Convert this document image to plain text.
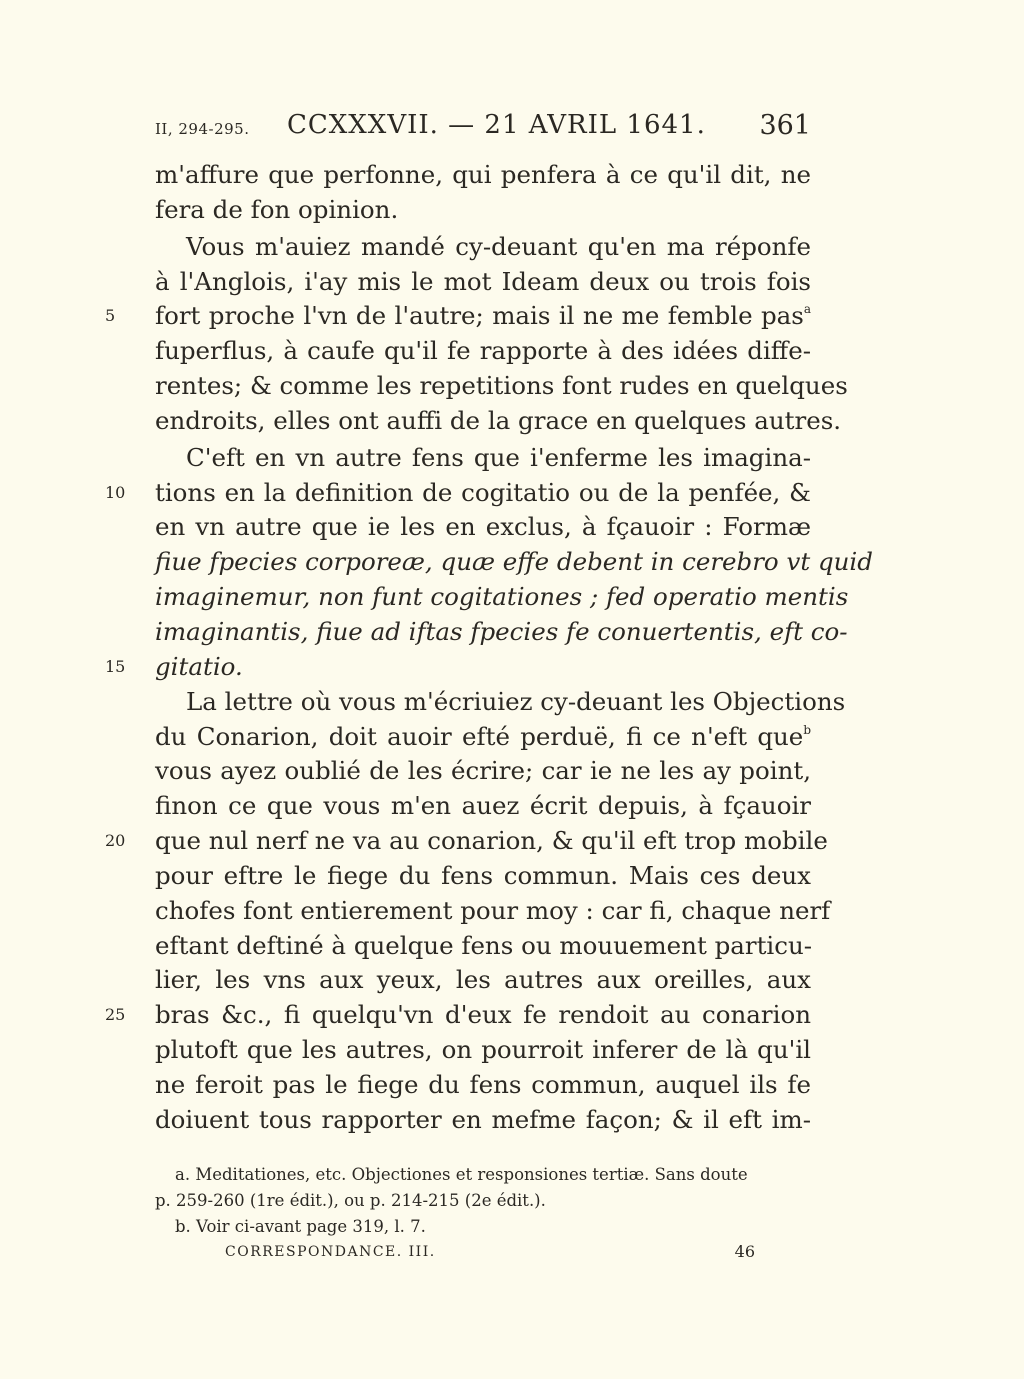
II, 294-295. CCXXXVII. — 21 AVRIL 1641. 361
m'affure que perfonne, qui penfera à ce qu'il dit, ne
fera de fon opinion.
Vous m'auiez mandé cy-deuant qu'en ma réponfe
à l'Anglois, i'ay mis le mot Ideam deux ou trois fois
5	fort proche l'vn de l'autre; mais il ne me femble pas$^a$
fuperflus, à caufe qu'il fe rapporte à des idées diffe-
rentes; & comme les repetitions font rudes en quelques
endroits, elles ont auffi de la grace en quelques autres.
C'eft en vn autre fens que i'enferme les imagina-
10 tions en la definition de cogitatio ou de la penfée, &
en vn autre que ie les en exclus, à fçauoir : Formæ
fiue fpecies corporeæ, quæ effe debent in cerebro vt quid
imaginemur, non funt cogitationes ; fed operatio mentis
imaginantis, fiue ad iftas fpecies fe conuertentis, eft co-
15 gitatio.
La lettre où vous m'écriuiez cy-deuant les Objections
du Conarion, doit auoir efté perduë, fi ce n'eft que$^b$
vous ayez oublié de les écrire; car ie ne les ay point,
finon ce que vous m'en auez écrit depuis, à fçauoir
20 que nul nerf ne va au conarion, & qu'il eft trop mobile
pour eftre le fiege du fens commun. Mais ces deux
chofes font entierement pour moy : car fi, chaque nerf
eftant deftiné à quelque fens ou mouuement particu-
lier, les vns aux yeux, les autres aux oreilles, aux
25 bras &c., fi quelqu'vn d'eux fe rendoit au conarion
plutoft que les autres, on pourroit inferer de là qu'il
ne feroit pas le fiege du fens commun, auquel ils fe
doiuent tous rapporter en mefme façon; & il eft im-
a. Meditationes, etc. Objectiones et responsiones tertiæ. Sans doute
p. 259-260 (1re édit.), ou p. 214-215 (2e édit.).
b. Voir ci-avant page 319, l. 7.
CORRESPONDANCE. III.	46
